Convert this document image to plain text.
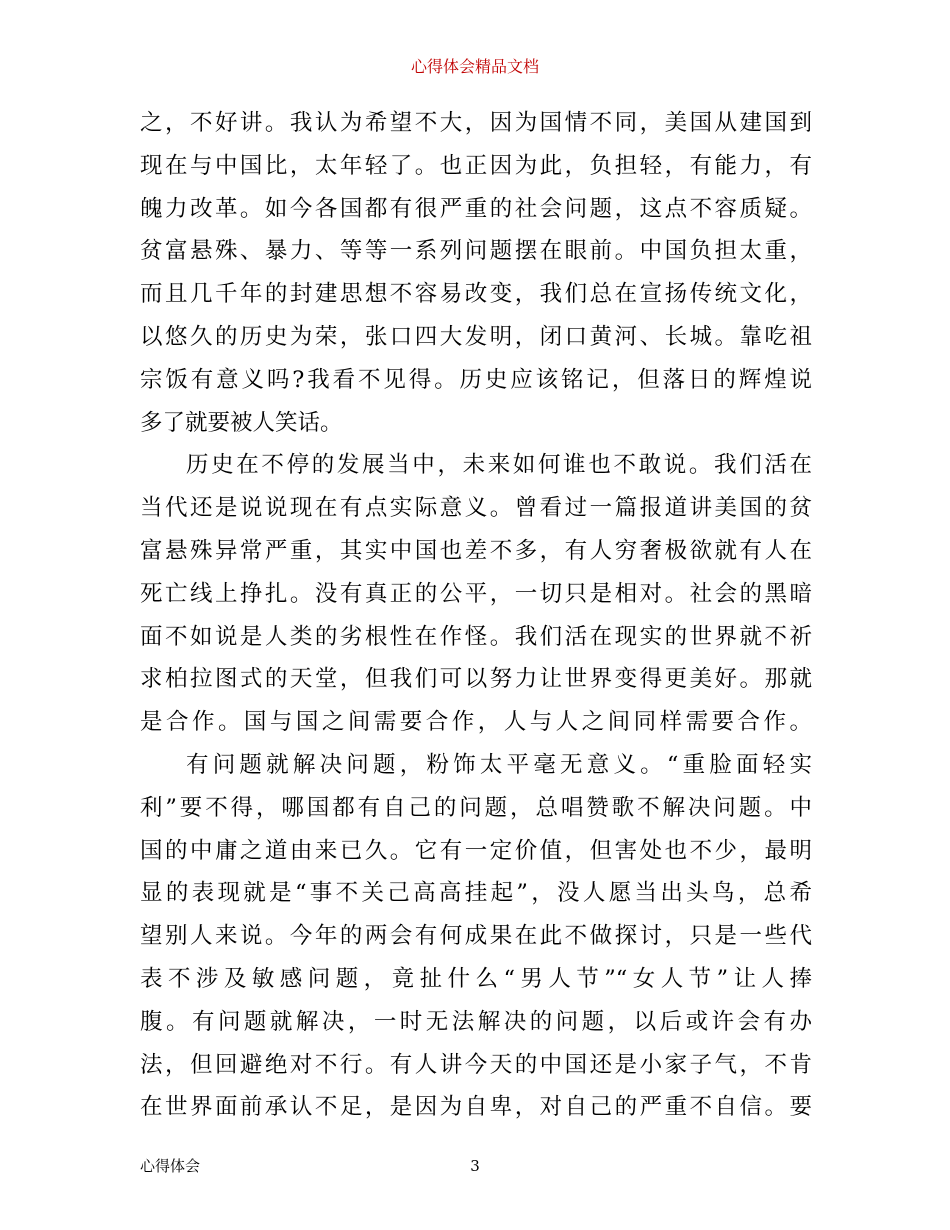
心得体会精品文档
之，不好讲。我认为希望不大，因为国情不同，美国从建国到
现在与中国比，太年轻了。也正因为此，负担轻，有能力，有
魄力改革。如今各国都有很严重的社会问题，这点不容质疑。
贫富悬殊、暴力、等等一系列问题摆在眼前。中国负担太重，
而且几千年的封建思想不容易改变，我们总在宣扬传统文化，
以悠久的历史为荣，张口四大发明，闭口黄河、长城。靠吃祖
宗饭有意义吗?我看不见得。历史应该铭记，但落日的辉煌说
多了就要被人笑话。
历史在不停的发展当中，未来如何谁也不敢说。我们活在
当代还是说说现在有点实际意义。曾看过一篇报道讲美国的贫
富悬殊异常严重，其实中国也差不多，有人穷奢极欲就有人在
死亡线上挣扎。没有真正的公平，一切只是相对。社会的黑暗
面不如说是人类的劣根性在作怪。我们活在现实的世界就不祈
求柏拉图式的天堂，但我们可以努力让世界变得更美好。那就
是合作。国与国之间需要合作，人与人之间同样需要合作。
有问题就解决问题，粉饰太平毫无意义。“重脸面轻实
利”要不得，哪国都有自己的问题，总唱赞歌不解决问题。中
国的中庸之道由来已久。它有一定价值，但害处也不少，最明
显的表现就是“事不关己高高挂起”，没人愿当出头鸟，总希
望别人来说。今年的两会有何成果在此不做探讨，只是一些代
表不涉及敏感问题，竟扯什么“男人节”“女人节”让人捧
腹。有问题就解决，一时无法解决的问题，以后或许会有办
法，但回避绝对不行。有人讲今天的中国还是小家子气，不肯
在世界面前承认不足，是因为自卑，对自己的严重不自信。要
心得体会	3
